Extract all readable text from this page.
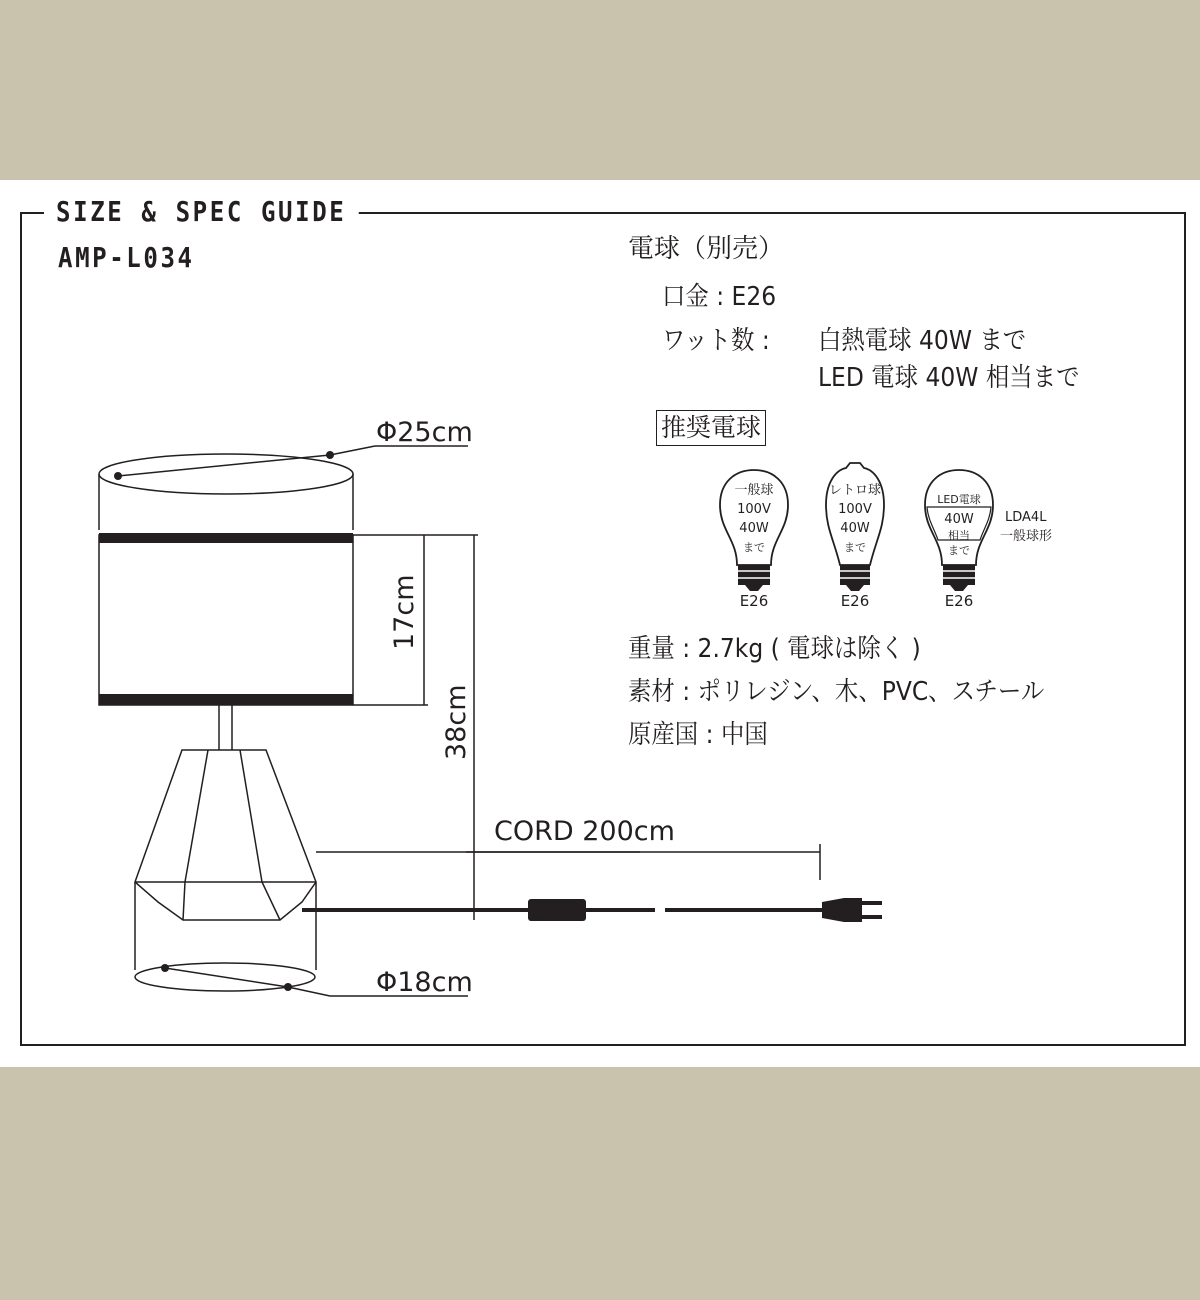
SIZE & SPEC GUIDE
AMP-L034
Φ25cm
Φ18cm
CORD 200cm
17cm
38cm
一般球
100V
40W
まで
E26
レトロ球
100V
40W
まで
E26
LED電球
40W
相当
まで
E26
LDA4L
一般球形
電球（別売）
口金 : E26
ワット数 : 白熱電球 40W まで
LED 電球 40W 相当まで
推奨電球
重量 : 2.7kg ( 電球は除く )
素材 : ポリレジン、木、PVC、スチール
原産国 : 中国
